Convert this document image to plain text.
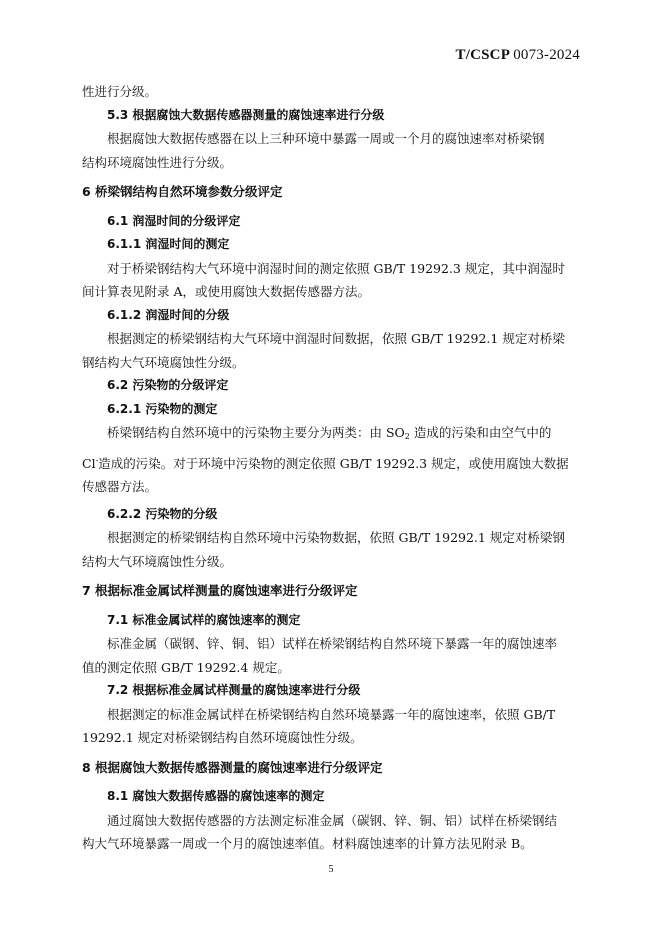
T/CSCP 0073-2024

性进行分级。

5.3 根据腐蚀大数据传感器测量的腐蚀速率进行分级

根据腐蚀大数据传感器在以上三种环境中暴露一周或一个月的腐蚀速率对桥梁钢

结构环境腐蚀性进行分级。

6 桥梁钢结构自然环境参数分级评定

6.1 润湿时间的分级评定

6.1.1 润湿时间的测定

对于桥梁钢结构大气环境中润湿时间的测定依照 GB/T 19292.3 规定，其中润湿时

间计算表见附录 A，或使用腐蚀大数据传感器方法。

6.1.2 润湿时间的分级

根据测定的桥梁钢结构大气环境中润湿时间数据，依照 GB/T 19292.1 规定对桥梁

钢结构大气环境腐蚀性分级。

6.2 污染物的分级评定

6.2.1 污染物的测定

桥梁钢结构自然环境中的污染物主要分为两类：由 $SO_2$ 造成的污染和由空气中的

Cl-造成的污染。对于环境中污染物的测定依照 GB/T 19292.3 规定，或使用腐蚀大数据

传感器方法。

6.2.2 污染物的分级

根据测定的桥梁钢结构自然环境中污染物数据，依照 GB/T 19292.1 规定对桥梁钢

结构大气环境腐蚀性分级。

7 根据标准金属试样测量的腐蚀速率进行分级评定

7.1 标准金属试样的腐蚀速率的测定

标准金属（碳钢、锌、铜、铝）试样在桥梁钢结构自然环境下暴露一年的腐蚀速率

值的测定依照 GB/T 19292.4 规定。

7.2 根据标准金属试样测量的腐蚀速率进行分级

根据测定的标准金属试样在桥梁钢结构自然环境暴露一年的腐蚀速率，依照 GB/T

19292.1 规定对桥梁钢结构自然环境腐蚀性分级。

8 根据腐蚀大数据传感器测量的腐蚀速率进行分级评定

8.1 腐蚀大数据传感器的腐蚀速率的测定

通过腐蚀大数据传感器的方法测定标准金属（碳钢、锌、铜、铝）试样在桥梁钢结

构大气环境暴露一周或一个月的腐蚀速率值。材料腐蚀速率的计算方法见附录 B。

5
